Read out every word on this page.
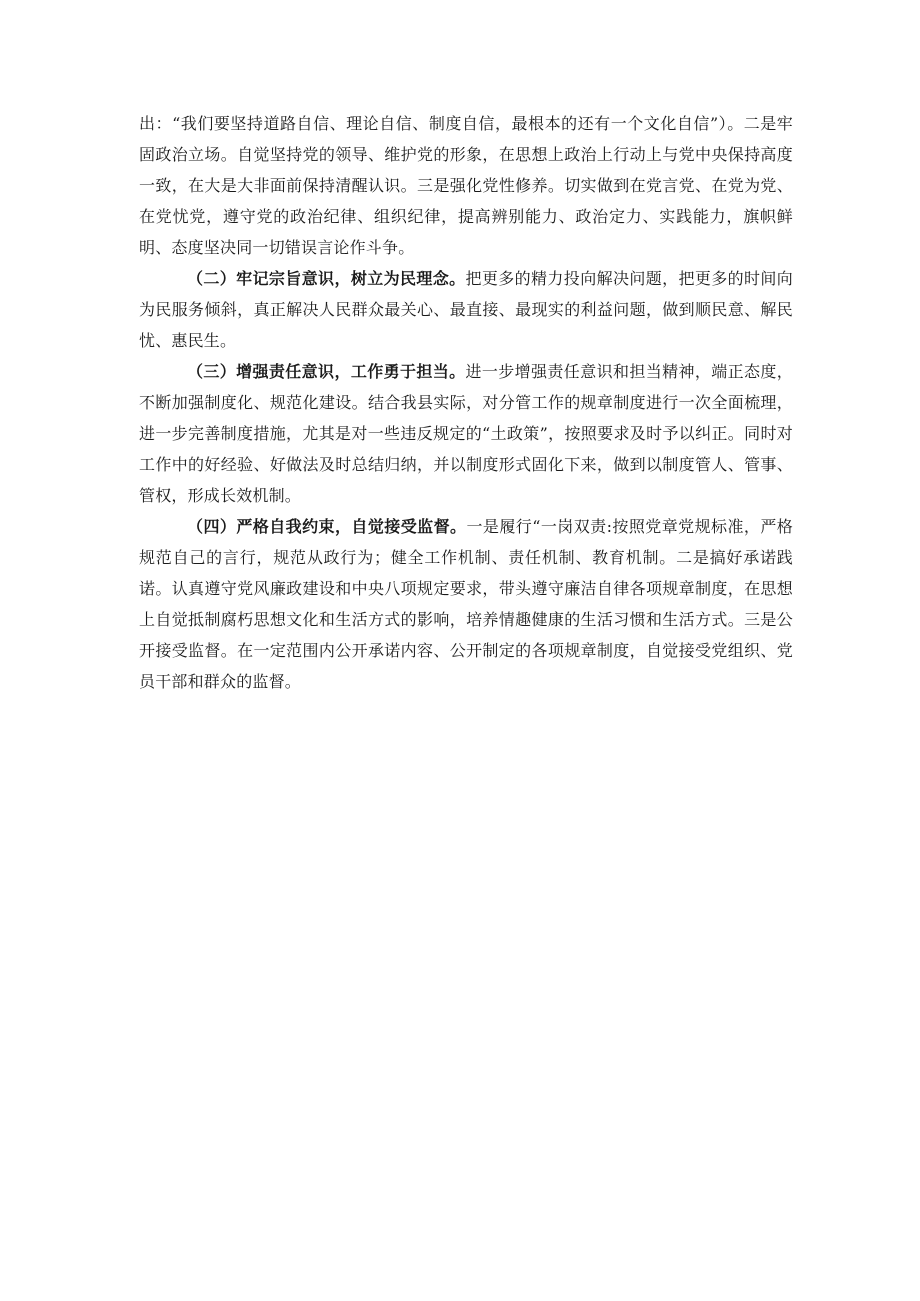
出：“我们要坚持道路自信、理论自信、制度自信，最根本的还有一个文化自信”）。二是牢固政治立场。自觉坚持党的领导、维护党的形象，在思想上政治上行动上与党中央保持高度一致，在大是大非面前保持清醒认识。三是强化党性修养。切实做到在党言党、在党为党、在党忧党，遵守党的政治纪律、组织纪律，提高辨别能力、政治定力、实践能力，旗帜鲜明、态度坚决同一切错误言论作斗争。

（二）牢记宗旨意识，树立为民理念。把更多的精力投向解决问题，把更多的时间向为民服务倾斜，真正解决人民群众最关心、最直接、最现实的利益问题，做到顺民意、解民忧、惠民生。

（三）增强责任意识，工作勇于担当。进一步增强责任意识和担当精神，端正态度，不断加强制度化、规范化建设。结合我县实际，对分管工作的规章制度进行一次全面梳理，进一步完善制度措施，尤其是对一些违反规定的“土政策”，按照要求及时予以纠正。同时对工作中的好经验、好做法及时总结归纳，并以制度形式固化下来，做到以制度管人、管事、管权，形成长效机制。

（四）严格自我约束，自觉接受监督。一是履行“一岗双责:按照党章党规标准，严格规范自己的言行，规范从政行为；健全工作机制、责任机制、教育机制。二是搞好承诺践诺。认真遵守党风廉政建设和中央八项规定要求，带头遵守廉洁自律各项规章制度，在思想上自觉抵制腐朽思想文化和生活方式的影响，培养情趣健康的生活习惯和生活方式。三是公开接受监督。在一定范围内公开承诺内容、公开制定的各项规章制度，自觉接受党组织、党员干部和群众的监督。
